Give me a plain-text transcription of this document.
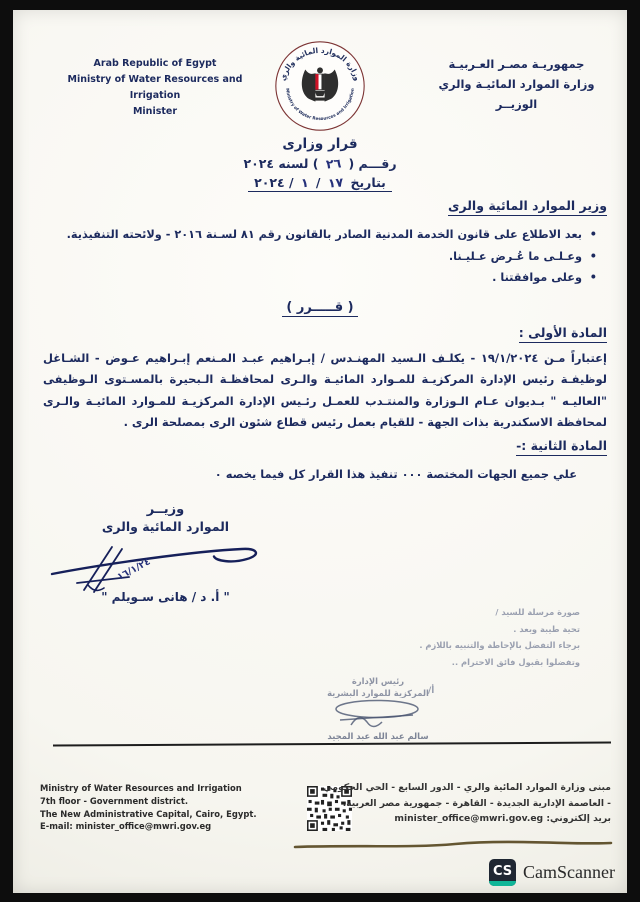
Arab Republic of Egypt
Ministry of Water Resources and Irrigation
Minister
جمهوريـة مصـر العـربيـة
وزارة الموارد المائيـة والري
الوزيــر
وزارة الموارد المائية والري
Ministry of Water Resources and Irrigation
قرار وزارى
رقـــم ( ٢٦ ) لسنه ٢٠٢٤
بتاريخ ١٧ / ١ / ٢٠٢٤
وزير الموارد المائية والرى
• بعد الاطلاع على قانون الخدمة المدنية الصادر بالقانون رقم ٨١ لسـنة ٢٠١٦ - ولائحته التنفيذية.
• وعـلـى ما عُـرض عـليـنا.
• وعلى موافقتنا .
( قـــــرر )
المادة الأولى :
إعتباراً مـن ١٩/١/٢٠٢٤ - يكلـف الـسيد المهنـدس / إبـراهيم عبـد المـنعم إبـراهيم عـوض - الشـاغل لوظيفـة رئيس الإدارة المركزيـة للمـوارد المائيـة والـرى لمحافظـة الـبحيرة بالمسـتوى الـوظيفى "العاليـه " بـديوان عـام الـوزارة والمنتـدب للعمـل رئـيس الإدارة المركزيـة للمـوارد المائيـة والـرى لمحافظة الاسكندرية بذات الجهة - للقيام بعمل رئيس قطاع شئون الرى بمصلحة الرى .
المادة الثانية :-
علي جميع الجهات المختصة ٠٠٠ تنفيذ هذا القرار كل فيما يخصه ٠
وزيــر
الموارد المائية والرى
١٦/١/٢٤
" أ. د / هانى سـويلم "
صورة مرسلة للسيد /
تحية طيبة وبعد .
برجاء التفضل بالإحاطة والتنبيه باللازم .
وتفضلوا بقبول فائق الاحترام ..
أ/
رئيس الإدارة
المركزية للموارد البشرية
سالم عبد الله عبد المجيد
Ministry of Water Resources and Irrigation
7th floor - Government district.
The New Administrative Capital, Cairo, Egypt.
E-mail: minister_office@mwri.gov.eg
مبنى وزارة الموارد المائية والري - الدور السابع - الحي الحكومي
- العاصمة الإدارية الجديدة - القاهرة - جمهورية مصر العربية.
بريد إلكتروني: minister_office@mwri.gov.eg
CS CamScanner
